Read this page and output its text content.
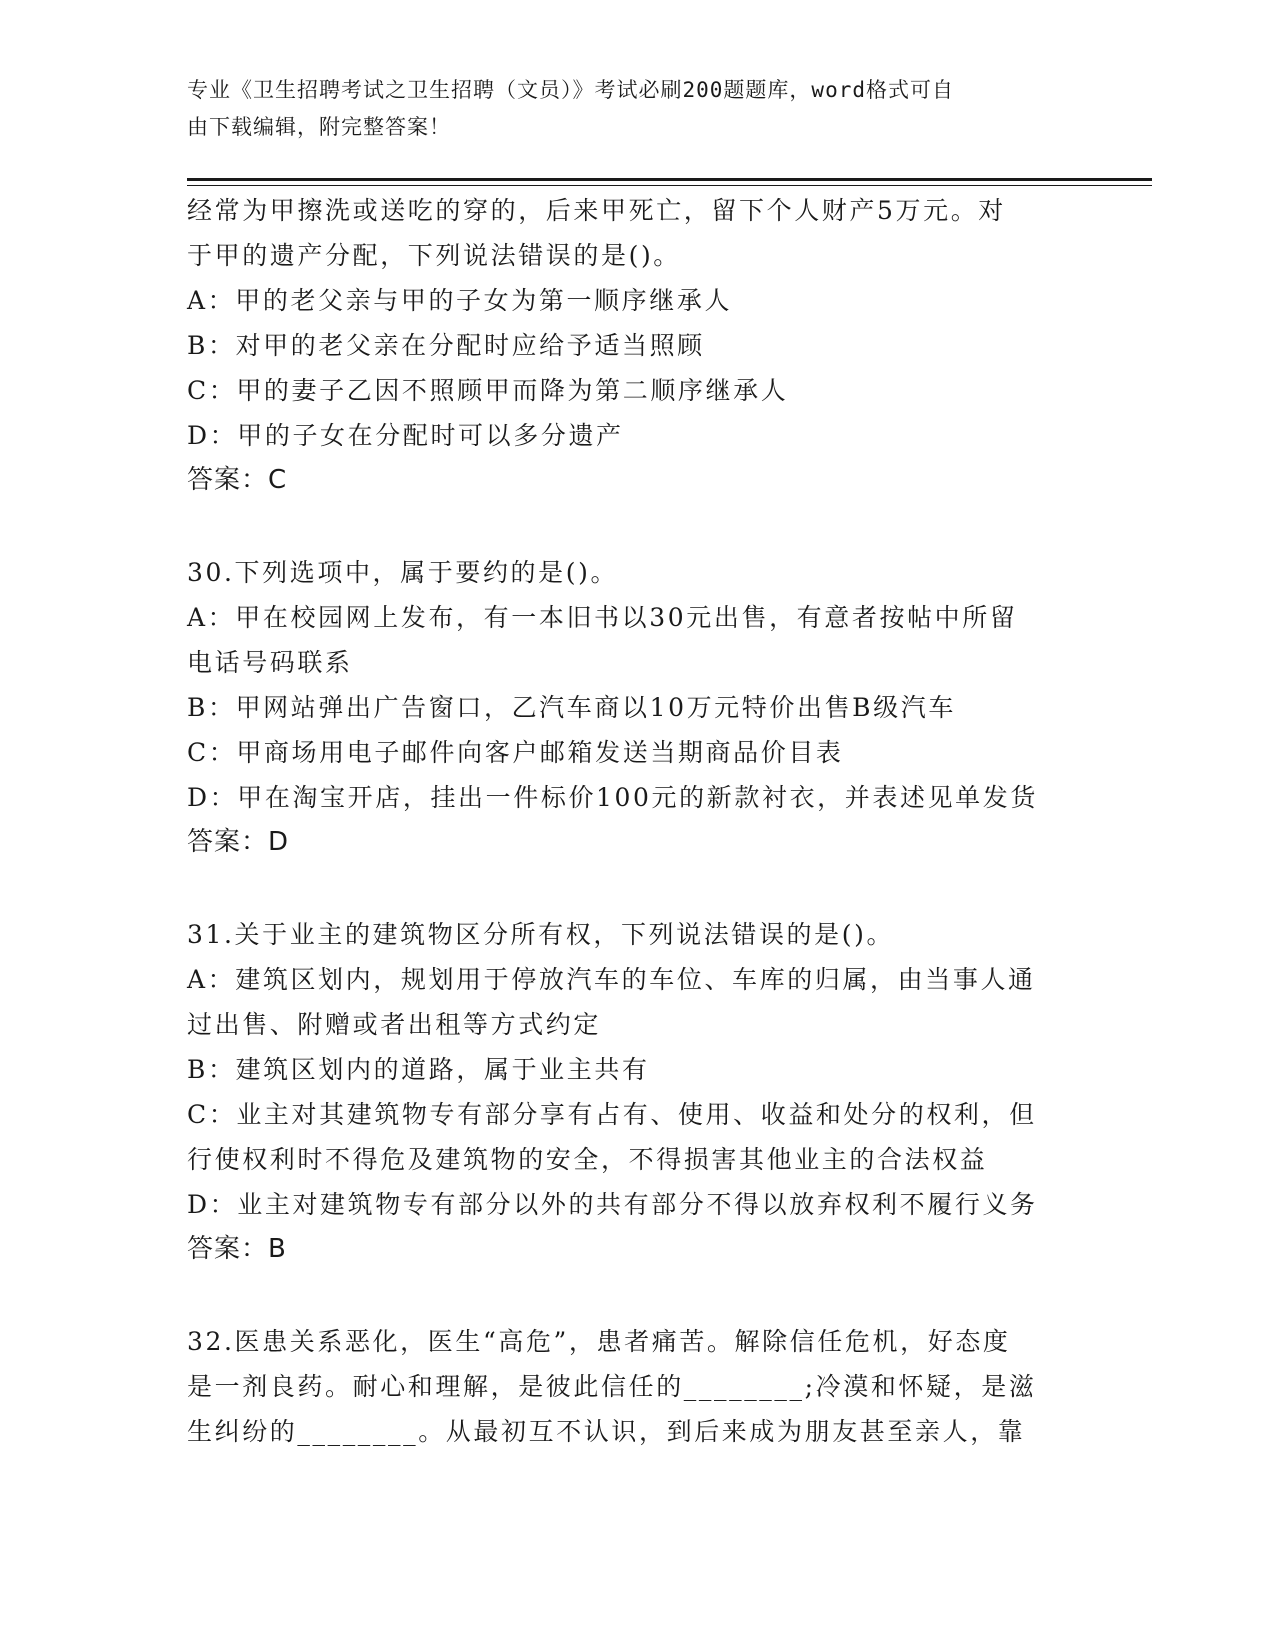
专业《卫生招聘考试之卫生招聘（文员）》考试必刷200题题库，word格式可自
由下载编辑，附完整答案！
经常为甲擦洗或送吃的穿的，后来甲死亡，留下个人财产5万元。对
于甲的遗产分配，下列说法错误的是()。
A：甲的老父亲与甲的子女为第一顺序继承人
B：对甲的老父亲在分配时应给予适当照顾
C：甲的妻子乙因不照顾甲而降为第二顺序继承人
D：甲的子女在分配时可以多分遗产
答案：C
30.下列选项中，属于要约的是()。
A：甲在校园网上发布，有一本旧书以30元出售，有意者按帖中所留
电话号码联系
B：甲网站弹出广告窗口，乙汽车商以10万元特价出售B级汽车
C：甲商场用电子邮件向客户邮箱发送当期商品价目表
D：甲在淘宝开店，挂出一件标价100元的新款衬衣，并表述见单发货
答案：D
31.关于业主的建筑物区分所有权，下列说法错误的是()。
A：建筑区划内，规划用于停放汽车的车位、车库的归属，由当事人通
过出售、附赠或者出租等方式约定
B：建筑区划内的道路，属于业主共有
C：业主对其建筑物专有部分享有占有、使用、收益和处分的权利，但
行使权利时不得危及建筑物的安全，不得损害其他业主的合法权益
D：业主对建筑物专有部分以外的共有部分不得以放弃权利不履行义务
答案：B
32.医患关系恶化，医生“高危”，患者痛苦。解除信任危机，好态度
是一剂良药。耐心和理解，是彼此信任的________;冷漠和怀疑，是滋
生纠纷的________。从最初互不认识，到后来成为朋友甚至亲人，靠
